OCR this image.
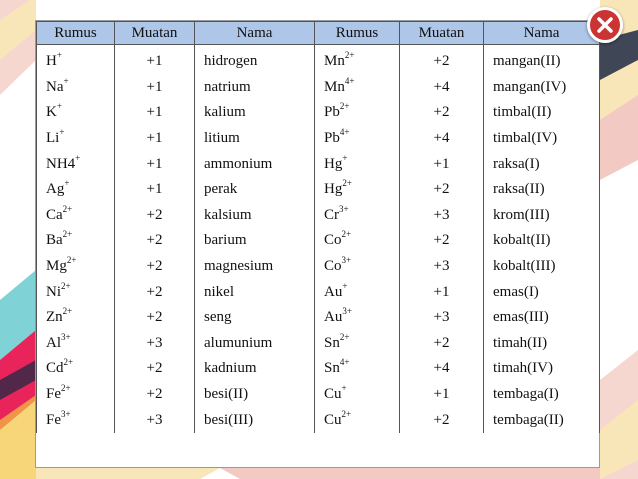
Rumus	Muatan	Nama	Rumus	Muatan	Nama
H+	+1	hidrogen	$Mn^{2+}$	+2	mangan(II)
Na+	+1	natrium	$Mn^{4+}$	+4	mangan(IV)
K+	+1	kalium	$Pb^{2+}$	+2	timbal(II)
Li+	+1	litium	$Pb^{4+}$	+4	timbal(IV)
NH4+	+1	ammonium	Hg+	+1	raksa(I)
Ag+	+1	perak	$Hg^{2+}$	+2	raksa(II)
$Ca^{2+}$	+2	kalsium	$Cr^{3+}$	+3	krom(III)
$Ba^{2+}$	+2	barium	$Co^{2+}$	+2	kobalt(II)
$Mg^{2+}$	+2	magnesium	$Co^{3+}$	+3	kobalt(III)
$Ni^{2+}$	+2	nikel	Au+	+1	emas(I)
$Zn^{2+}$	+2	seng	$Au^{3+}$	+3	emas(III)
$Al^{3+}$	+3	alumunium	$Sn^{2+}$	+2	timah(II)
$Cd^{2+}$	+2	kadnium	$Sn^{4+}$	+4	timah(IV)
$Fe^{2+}$	+2	besi(II)	Cu+	+1	tembaga(I)
$Fe^{3+}$	+3	besi(III)	$Cu^{2+}$	+2	tembaga(II)
